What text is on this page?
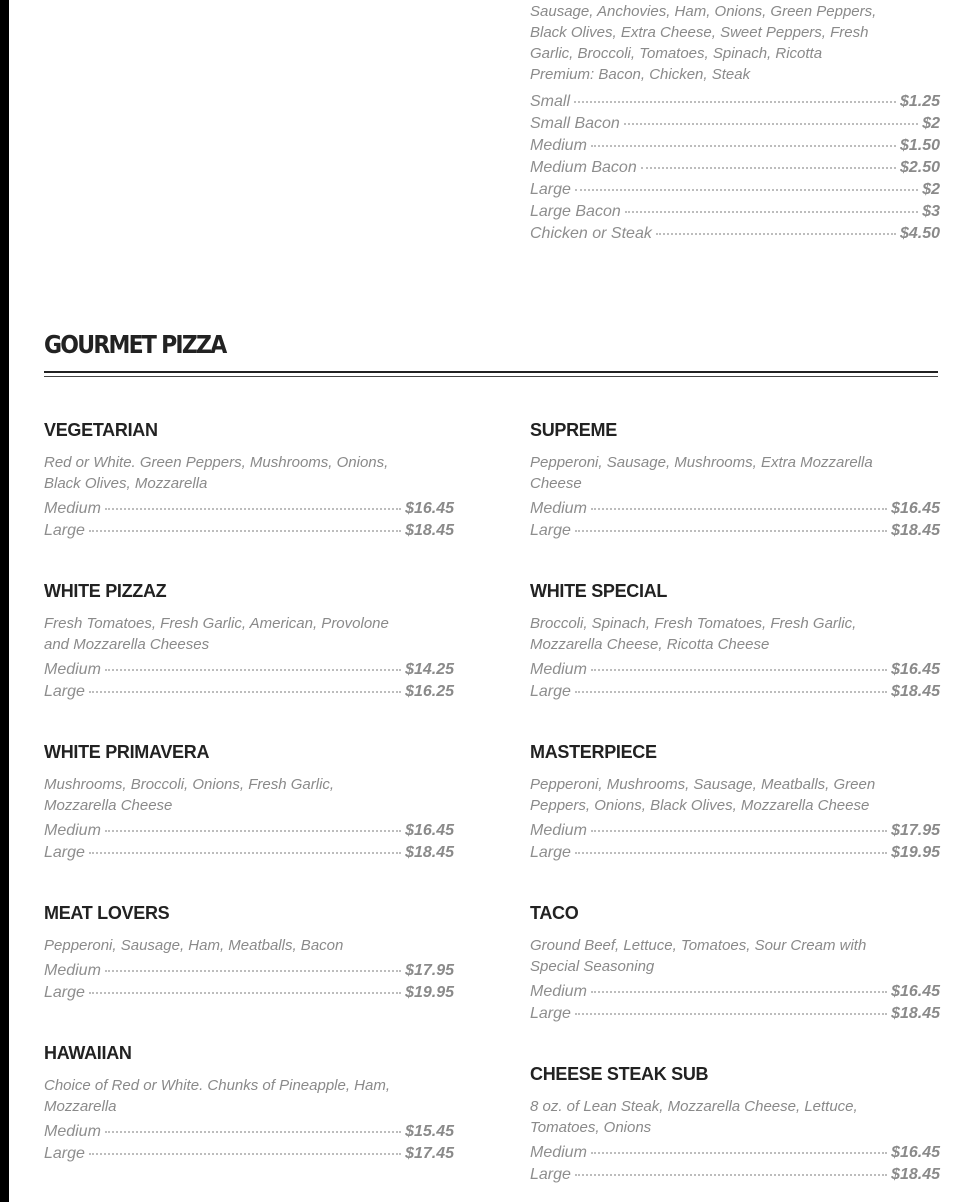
Sausage, Anchovies, Ham, Onions, Green Peppers,
Black Olives, Extra Cheese, Sweet Peppers, Fresh
Garlic, Broccoli, Tomatoes, Spinach, Ricotta
Premium: Bacon, Chicken, Steak

Small	$1.25
Small Bacon	$2
Medium	$1.50
Medium Bacon	$2.50
Large	$2
Large Bacon	$3
Chicken or Steak	$4.50
GOURMET PIZZA
VEGETARIAN

Red or White. Green Peppers, Mushrooms, Onions,
Black Olives, Mozzarella

Medium	$16.45
Large	$18.45
WHITE PIZZAZ

Fresh Tomatoes, Fresh Garlic, American, Provolone
and Mozzarella Cheeses

Medium	$14.25
Large	$16.25
WHITE PRIMAVERA

Mushrooms, Broccoli, Onions, Fresh Garlic,
Mozzarella Cheese

Medium	$16.45
Large	$18.45
MEAT LOVERS

Pepperoni, Sausage, Ham, Meatballs, Bacon

Medium	$17.95
Large	$19.95
HAWAIIAN

Choice of Red or White. Chunks of Pineapple, Ham,
Mozzarella

Medium	$15.45
Large	$17.45
SUPREME

Pepperoni, Sausage, Mushrooms, Extra Mozzarella
Cheese

Medium	$16.45
Large	$18.45
WHITE SPECIAL

Broccoli, Spinach, Fresh Tomatoes, Fresh Garlic,
Mozzarella Cheese, Ricotta Cheese

Medium	$16.45
Large	$18.45
MASTERPIECE

Pepperoni, Mushrooms, Sausage, Meatballs, Green
Peppers, Onions, Black Olives, Mozzarella Cheese

Medium	$17.95
Large	$19.95
TACO

Ground Beef, Lettuce, Tomatoes, Sour Cream with
Special Seasoning

Medium	$16.45
Large	$18.45
CHEESE STEAK SUB

8 oz. of Lean Steak, Mozzarella Cheese, Lettuce,
Tomatoes, Onions

Medium	$16.45
Large	$18.45
